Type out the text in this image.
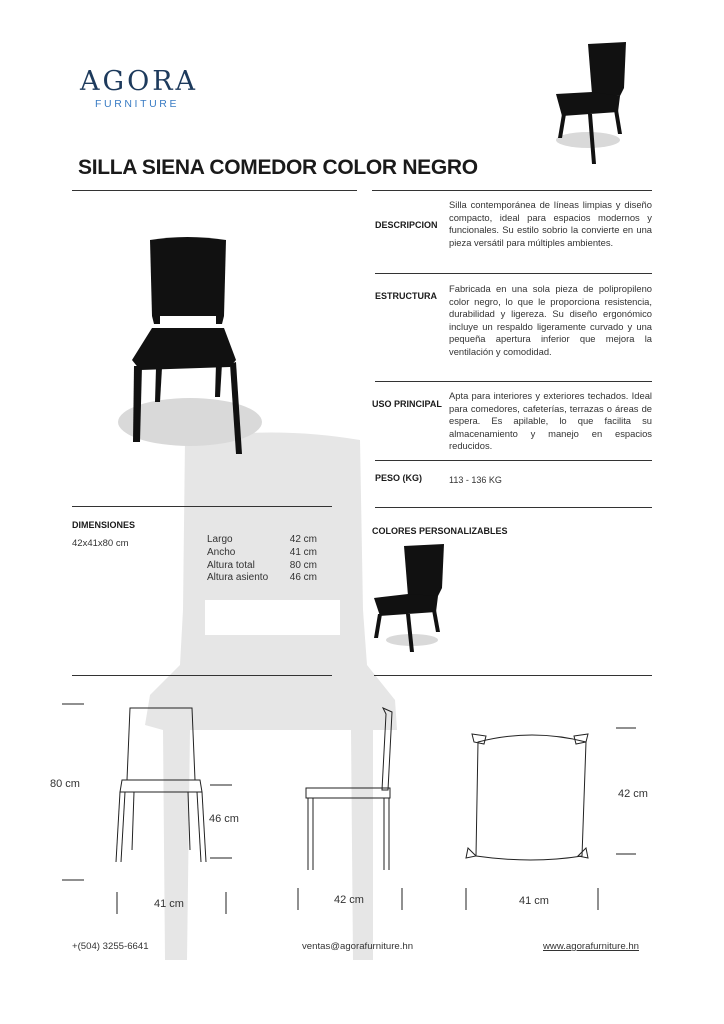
AGORA
FURNITURE
SILLA SIENA COMEDOR COLOR NEGRO
DESCRIPCION
Silla contemporánea de líneas limpias y diseño compacto, ideal para espacios modernos y funcionales. Su estilo sobrio la convierte en una pieza versátil para múltiples ambientes.
ESTRUCTURA
Fabricada en una sola pieza de polipropileno color negro, lo que le proporciona resistencia, durabilidad y ligereza. Su diseño ergonómico incluye un respaldo ligeramente curvado y una pequeña apertura inferior que mejora la ventilación y comodidad.
USO PRINCIPAL
Apta para interiores y exteriores techados. Ideal para comedores, cafeterías, terrazas o áreas de espera. Es apilable, lo que facilita su almacenamiento y manejo en espacios reducidos.
PESO (KG)	113 - 136 KG
DIMENSIONES
42x41x80 cm	Largo	42 cm
Ancho	41 cm
Altura total	80 cm
Altura asiento 46 cm
COLORES PERSONALIZABLES
80 cm
46 cm
41 cm	42 cm	41 cm
42 cm
+(504) 3255-6641	ventas@agorafurniture.hn	www.agorafurniture.hn
